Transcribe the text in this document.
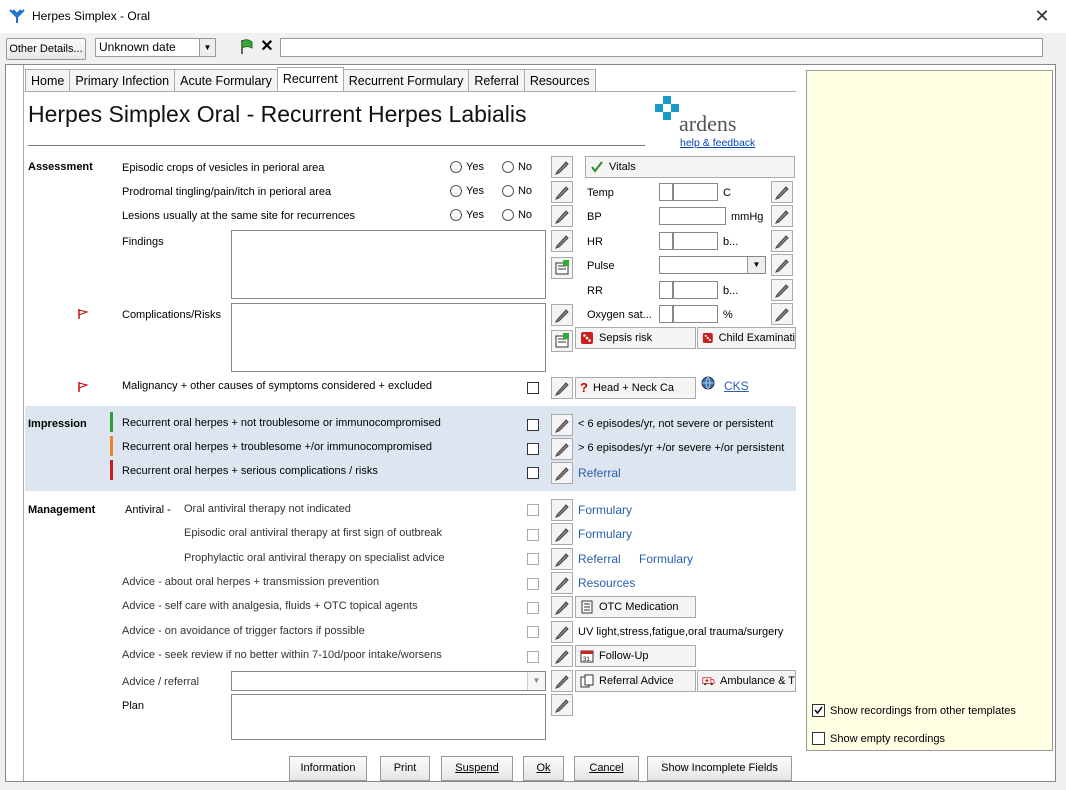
Herpes Simplex - Oral	✕
Other Details...	Unknown date	▼	✕
Home Primary Infection Acute Formulary Recurrent Recurrent Formulary Referral Resources
Herpes Simplex Oral - Recurrent Herpes Labialis	ardens
help & feedback
Assessment	Episodic crops of vesicles in perioral area	Yes	No
Prodromal tingling/pain/itch in perioral area	Yes	No
Lesions usually at the same site for recurrences	Yes	No
Findings
Complications/Risks
Malignancy + other causes of symptoms considered + excluded
Vitals
Temp	C
BP	mmHg
HR	b...
Pulse	▼
RR	b...
Oxygen sat...	%
Sepsis risk	Child Examinati
? Head + Neck Ca	CKS
Impression	Recurrent oral herpes + not troublesome or immunocompromised	< 6 episodes/yr, not severe or persistent
Recurrent oral herpes + troublesome +/or immunocompromised	> 6 episodes/yr +/or severe +/or persistent
Recurrent oral herpes + serious complications / risks	Referral
Management	Antiviral - Oral antiviral therapy not indicated	Formulary
Episodic oral antiviral therapy at first sign of outbreak	Formulary
Prophylactic oral antiviral therapy on specialist advice	Referral Formulary
Advice - about oral herpes + transmission prevention	Resources
Advice - self care with analgesia, fluids + OTC topical agents	OTC Medication
Advice - on avoidance of trigger factors if possible	UV light,stress,fatigue,oral trauma/surgery
Advice - seek review if no better within 7-10d/poor intake/worsens	31 Follow-Up
Advice / referral	▼	Referral Advice	Ambulance & T
Plan	Show recordings from other templates
Show empty recordings
Information	Print	Suspend	Ok	Cancel	Show Incomplete Fields
